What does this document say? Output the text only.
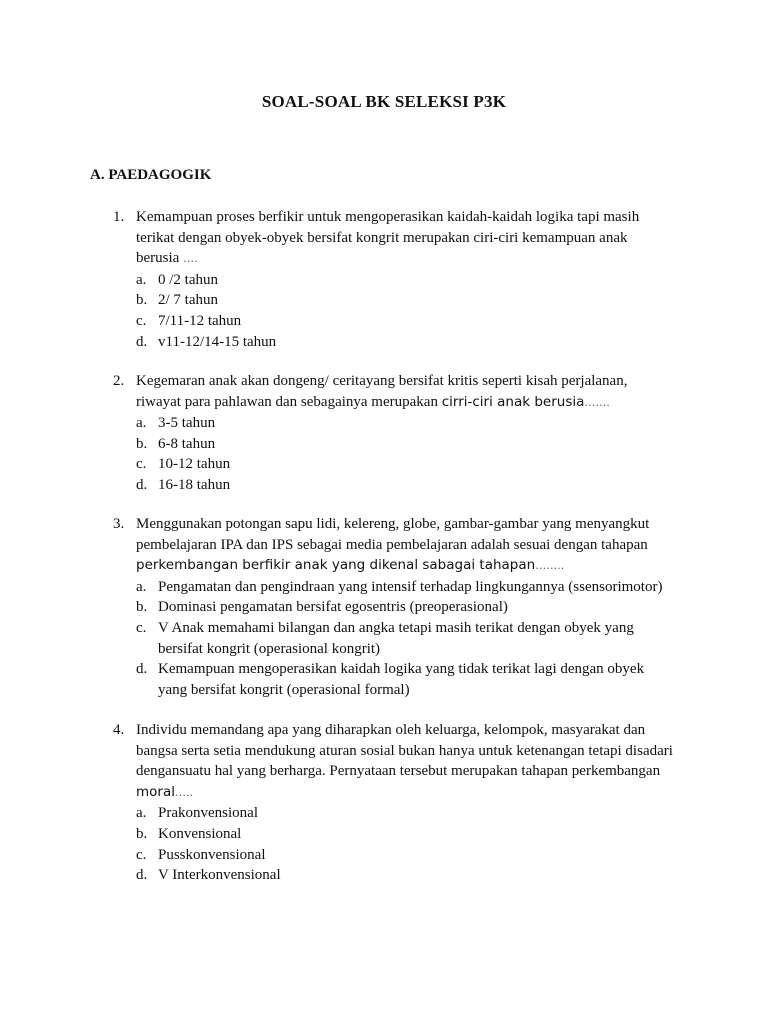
SOAL-SOAL BK SELEKSI P3K
A. PAEDAGOGIK
1. Kemampuan proses berfikir untuk mengoperasikan kaidah-kaidah logika tapi masih terikat dengan obyek-obyek bersifat kongrit merupakan ciri-ciri kemampuan anak berusia ….
a. 0 /2 tahun
b. 2/ 7 tahun
c. 7/11-12 tahun
d. v11-12/14-15 tahun
2. Kegemaran anak akan dongeng/ ceritayang bersifat kritis seperti kisah perjalanan, riwayat para pahlawan dan sebagainya merupakan cirri-ciri anak berusia…….
a. 3-5 tahun
b. 6-8 tahun
c. 10-12 tahun
d. 16-18 tahun
3. Menggunakan potongan sapu lidi, kelereng, globe, gambar-gambar yang menyangkut pembelajaran IPA dan IPS sebagai media pembelajaran adalah sesuai dengan tahapan perkembangan berfikir anak yang dikenal sabagai tahapan……..
a. Pengamatan dan pengindraan yang intensif terhadap lingkungannya (ssensorimotor)
b. Dominasi pengamatan bersifat egosentris (preoperasional)
c. V Anak memahami bilangan dan angka tetapi masih terikat dengan obyek yang bersifat kongrit (operasional kongrit)
d. Kemampuan mengoperasikan kaidah logika yang tidak terikat lagi dengan obyek yang bersifat kongrit (operasional formal)
4. Individu memandang apa yang diharapkan oleh keluarga, kelompok, masyarakat dan bangsa serta setia mendukung aturan sosial bukan hanya untuk ketenangan tetapi disadari dengansuatu hal yang berharga. Pernyataan tersebut merupakan tahapan perkembangan moral…..
a. Prakonvensional
b. Konvensional
c. Pusskonvensional
d. V Interkonvensional
